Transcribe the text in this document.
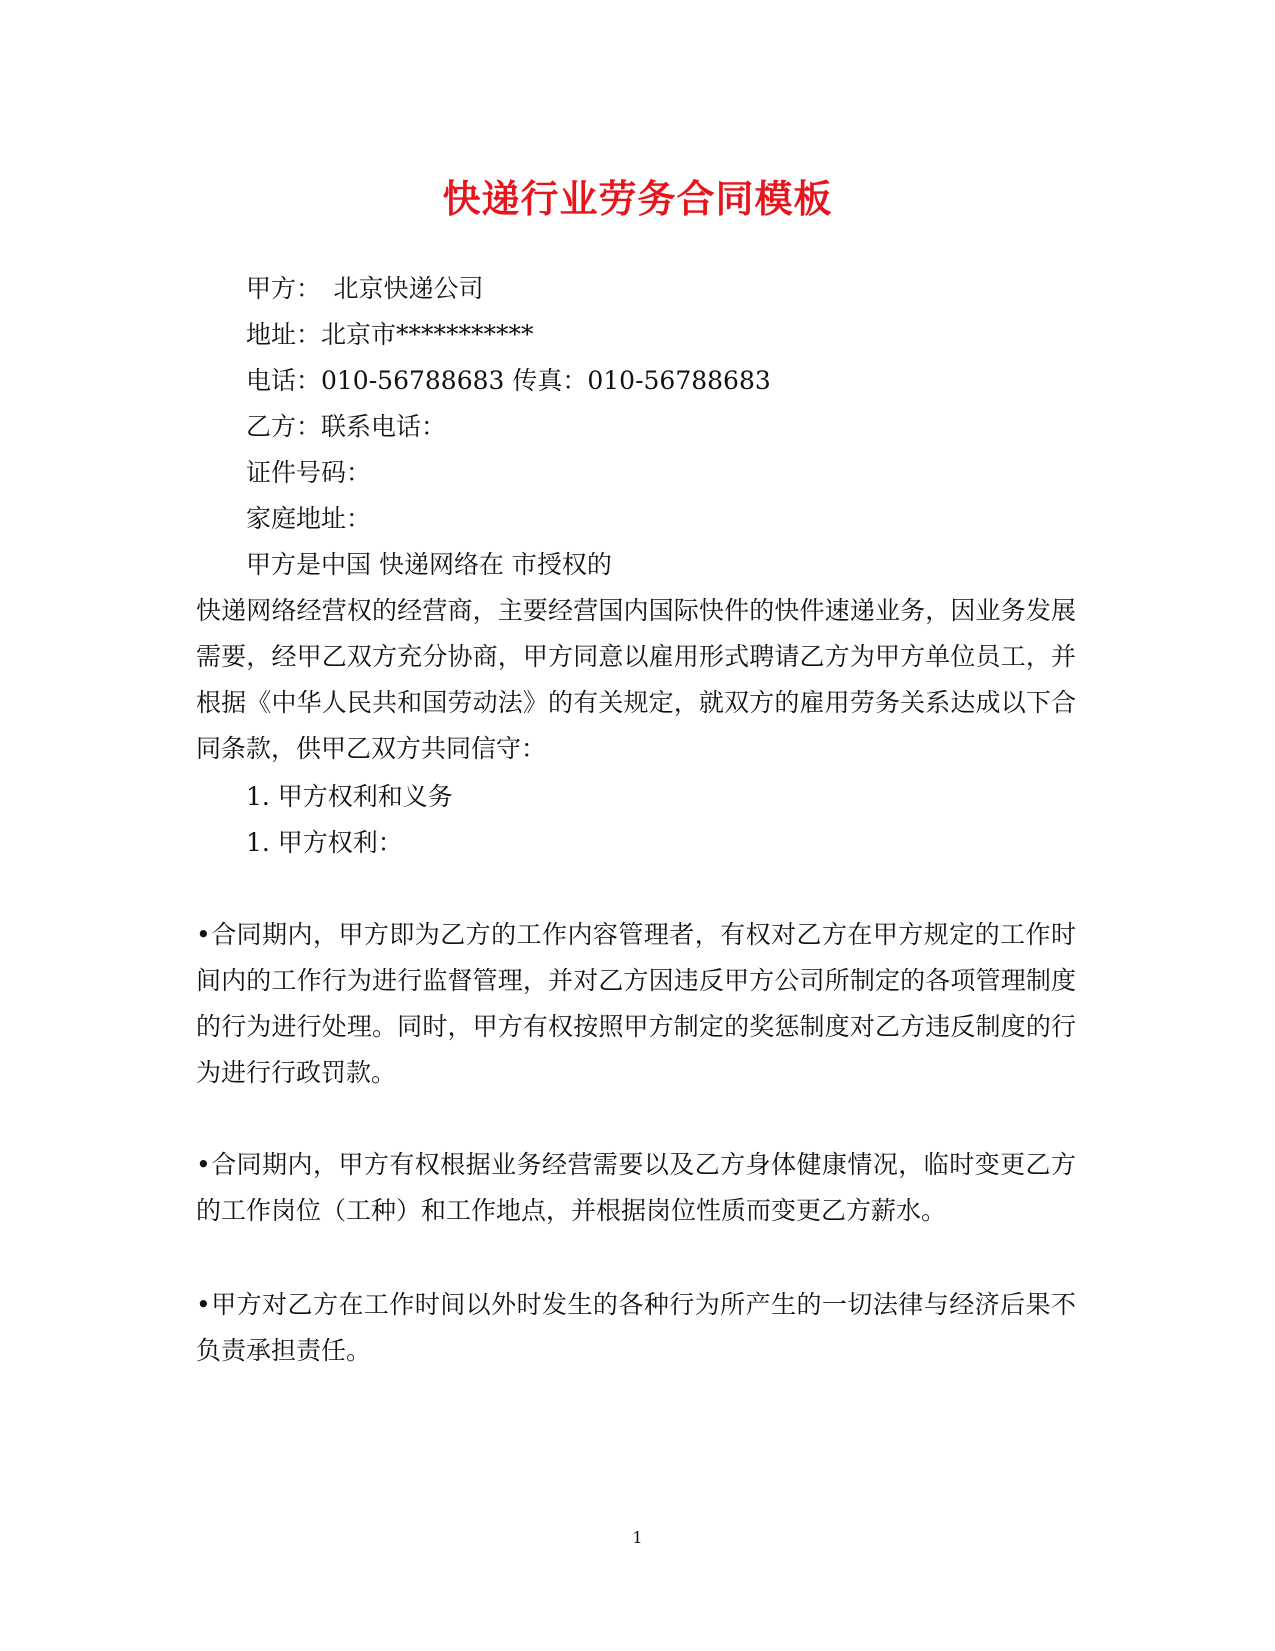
快递行业劳务合同模板
甲方：　北京快递公司
地址：北京市***********
电话：010-56788683 传真：010-56788683
乙方：联系电话：
证件号码：
家庭地址：
甲方是中国 快递网络在 市授权的
快递网络经营权的经营商，主要经营国内国际快件的快件速递业务，因业务发展需要，经甲乙双方充分协商，甲方同意以雇用形式聘请乙方为甲方单位员工，并根据《中华人民共和国劳动法》的有关规定，就双方的雇用劳务关系达成以下合同条款，供甲乙双方共同信守：
1. 甲方权利和义务
1. 甲方权利：
•合同期内，甲方即为乙方的工作内容管理者，有权对乙方在甲方规定的工作时间内的工作行为进行监督管理，并对乙方因违反甲方公司所制定的各项管理制度的行为进行处理。同时，甲方有权按照甲方制定的奖惩制度对乙方违反制度的行为进行行政罚款。
•合同期内，甲方有权根据业务经营需要以及乙方身体健康情况，临时变更乙方的工作岗位（工种）和工作地点，并根据岗位性质而变更乙方薪水。
•甲方对乙方在工作时间以外时发生的各种行为所产生的一切法律与经济后果不负责承担责任。
1
